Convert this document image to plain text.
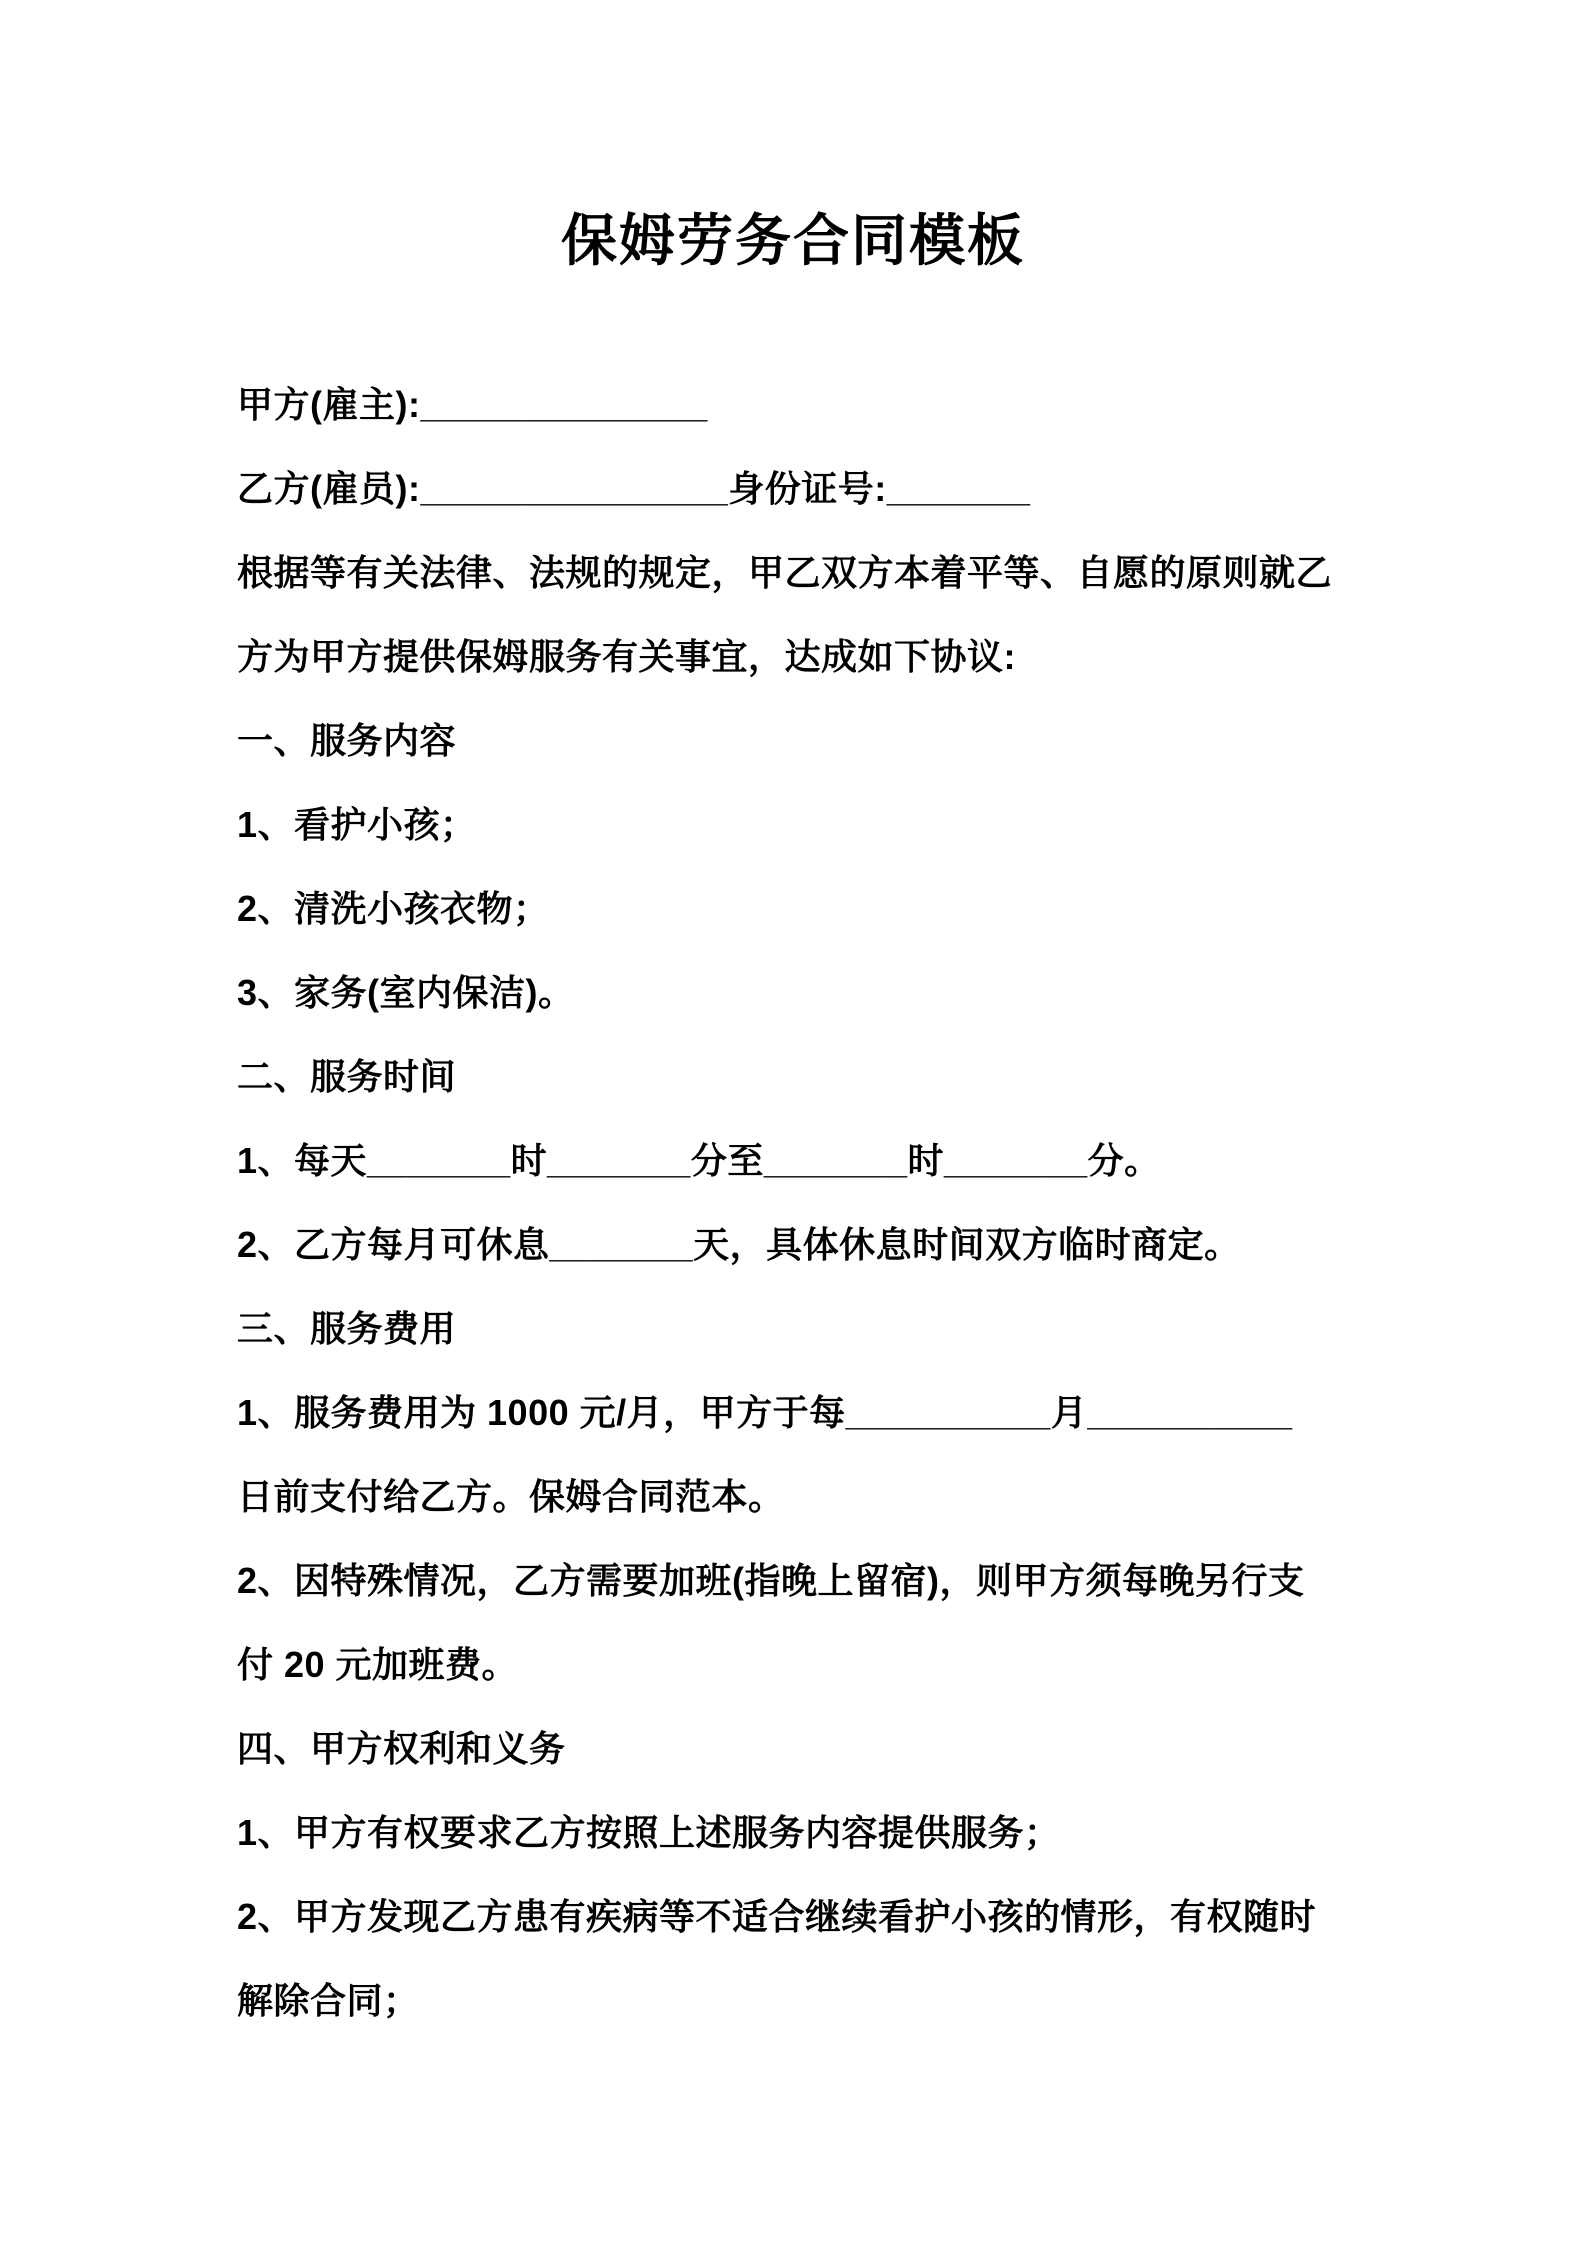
保姆劳务合同模板
甲方(雇主):______________
乙方(雇员):_______________身份证号:_______
根据等有关法律、法规的规定，甲乙双方本着平等、自愿的原则就乙
方为甲方提供保姆服务有关事宜，达成如下协议:
一、服务内容
1、看护小孩；
2、清洗小孩衣物；
3、家务(室内保洁)。
二、服务时间
1、每天_______时_______分至_______时_______分。
2、乙方每月可休息_______天，具体休息时间双方临时商定。
三、服务费用
1、服务费用为 1000 元/月，甲方于每__________月__________
日前支付给乙方。保姆合同范本。
2、因特殊情况，乙方需要加班(指晚上留宿)，则甲方须每晚另行支
付 20 元加班费。
四、甲方权利和义务
1、甲方有权要求乙方按照上述服务内容提供服务；
2、甲方发现乙方患有疾病等不适合继续看护小孩的情形，有权随时
解除合同；
